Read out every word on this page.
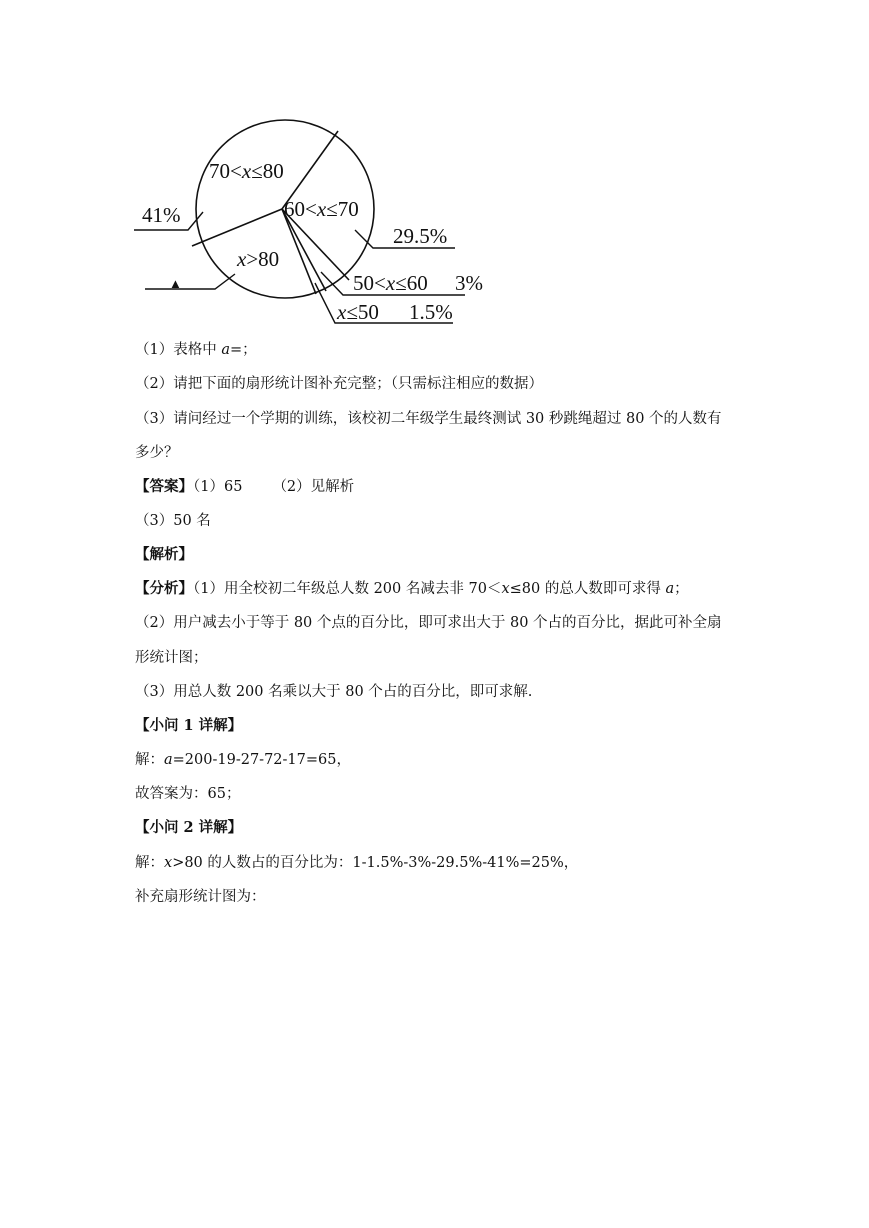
70<x≤80
60<x≤70
x>80
41%
29.5%
▲	50<x≤60 3%
x≤50 1.5%
（1）表格中 a=；
（2）请把下面的扇形统计图补充完整；（只需标注相应的数据）
（3）请问经过一个学期的训练，该校初二年级学生最终测试 30 秒跳绳超过 80 个的人数有
多少？
【答案】（1）65 （2）见解析
（3）50 名
【解析】
【分析】（1）用全校初二年级总人数 200 名减去非 70＜x≤80 的总人数即可求得 a；
（2）用户减去小于等于 80 个点的百分比，即可求出大于 80 个占的百分比，据此可补全扇
形统计图；
（3）用总人数 200 名乘以大于 80 个占的百分比，即可求解.
【小问 1 详解】
解：a=200-19-27-72-17=65，
故答案为：65；
【小问 2 详解】
解：x>80 的人数占的百分比为：1-1.5%-3%-29.5%-41%=25%，
补充扇形统计图为：
